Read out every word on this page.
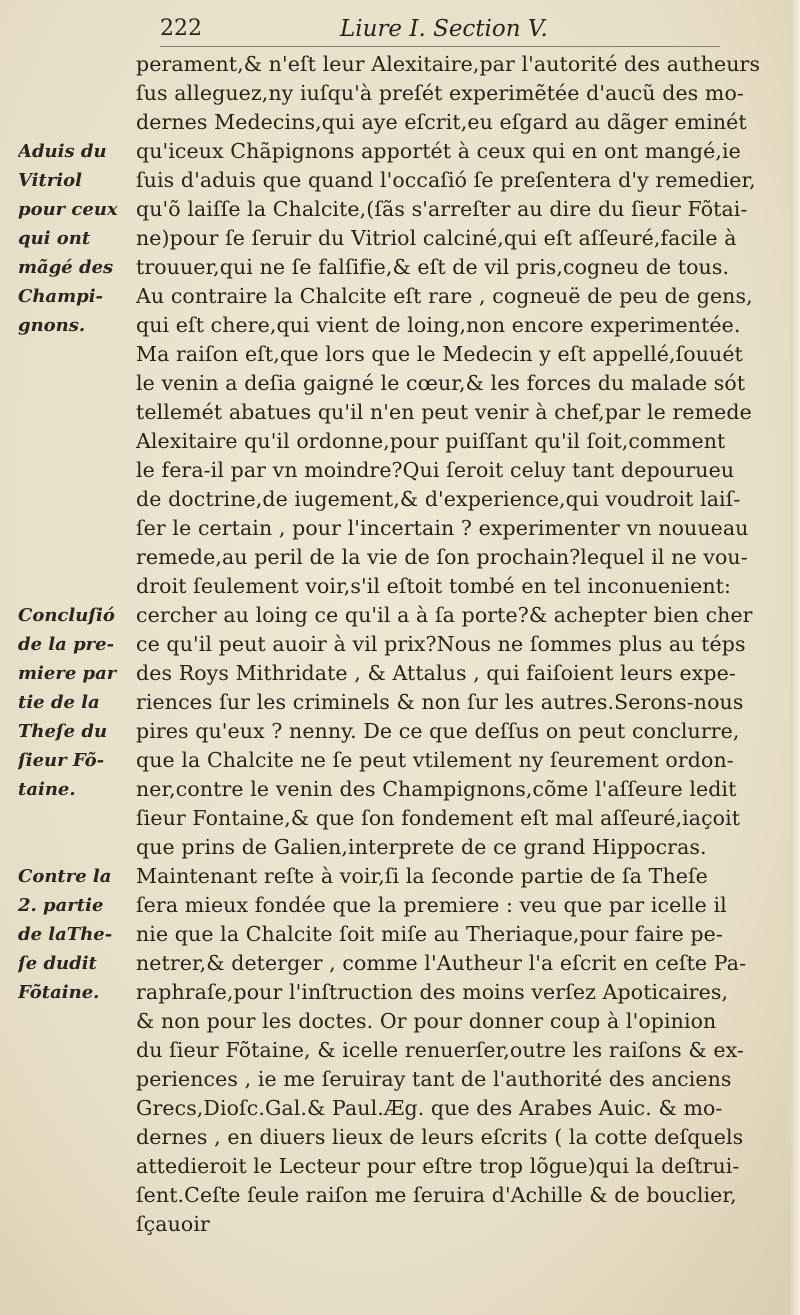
222	Liure I. Section V.
perament,& n'eſt leur Alexitaire,par l'autorité des autheurs
ſus alleguez,ny iuſqu'à preſét experimẽtée d'aucũ des mo-
dernes Medecins,qui aye eſcrit,eu eſgard au dãger eminét
qu'iceux Chãpignons apportét à ceux qui en ont mangé,ie
ſuis d'aduis que quand l'occaſió ſe preſentera d'y remedier,
qu'õ laiſſe la Chalcite,(ſãs s'arreſter au dire du ſieur Fõtai-
ne)pour ſe ſeruir du Vitriol calciné,qui eſt aſſeuré,facile à
trouuer,qui ne ſe falſifie,& eſt de vil pris,cogneu de tous.
Au contraire la Chalcite eſt rare , cogneuë de peu de gens,
qui eſt chere,qui vient de loing,non encore experimentée.
Ma raiſon eſt,que lors que le Medecin y eſt appellé,ſouuét
le venin a deſia gaigné le cœur,& les forces du malade sót
tellemét abatues qu'il n'en peut venir à chef,par le remede
Alexitaire qu'il ordonne,pour puiſſant qu'il ſoit,comment
le fera-il par vn moindre?Qui ſeroit celuy tant depourueu
de doctrine,de iugement,& d'experience,qui voudroit laiſ-
ſer le certain , pour l'incertain ? experimenter vn nouueau
remede,au peril de la vie de ſon prochain?lequel il ne vou-
droit ſeulement voir,s'il eſtoit tombé en tel inconuenient:
cercher au loing ce qu'il a à ſa porte?& achepter bien cher
ce qu'il peut auoir à vil prix?Nous ne ſommes plus au téps
des Roys Mithridate , & Attalus , qui faiſoient leurs expe-
riences ſur les criminels & non ſur les autres.Serons-nous
pires qu'eux ? nenny. De ce que deſſus on peut conclurre,
que la Chalcite ne ſe peut vtilement ny ſeurement ordon-
ner,contre le venin des Champignons,cõme l'aſſeure ledit
ſieur Fontaine,& que ſon fondement eſt mal aſſeuré,iaçoit
que prins de Galien,interprete de ce grand Hippocras.
Maintenant reſte à voir,ſi la ſeconde partie de ſa Theſe
ſera mieux fondée que la premiere : veu que par icelle il
nie que la Chalcite ſoit miſe au Theriaque,pour faire pe-
netrer,& deterger , comme l'Autheur l'a eſcrit en ceſte Pa-
raphraſe,pour l'inſtruction des moins verſez Apoticaires,
& non pour les doctes. Or pour donner coup à l'opinion
du ſieur Fõtaine, & icelle renuerſer,outre les raiſons & ex-
periences , ie me ſeruiray tant de l'authorité des anciens
Grecs,Dioſc.Gal.& Paul.Æg. que des Arabes Auic. & mo-
dernes , en diuers lieux de leurs eſcrits ( la cotte deſquels
attedieroit le Lecteur pour eſtre trop lõgue)qui la deſtrui-
ſent.Ceſte ſeule raiſon me ſeruira d'Achille & de bouclier,
ſçauoir
Aduis du
Vitriol
pour ceux
qui ont
mãgé des
Champi-
gnons.
Concluſió
de la pre-
miere par
tie de la
Theſe du
ſieur Fõ-
taine.
Contre la
2. partie
de laThe-
ſe dudit
Fõtaine.
